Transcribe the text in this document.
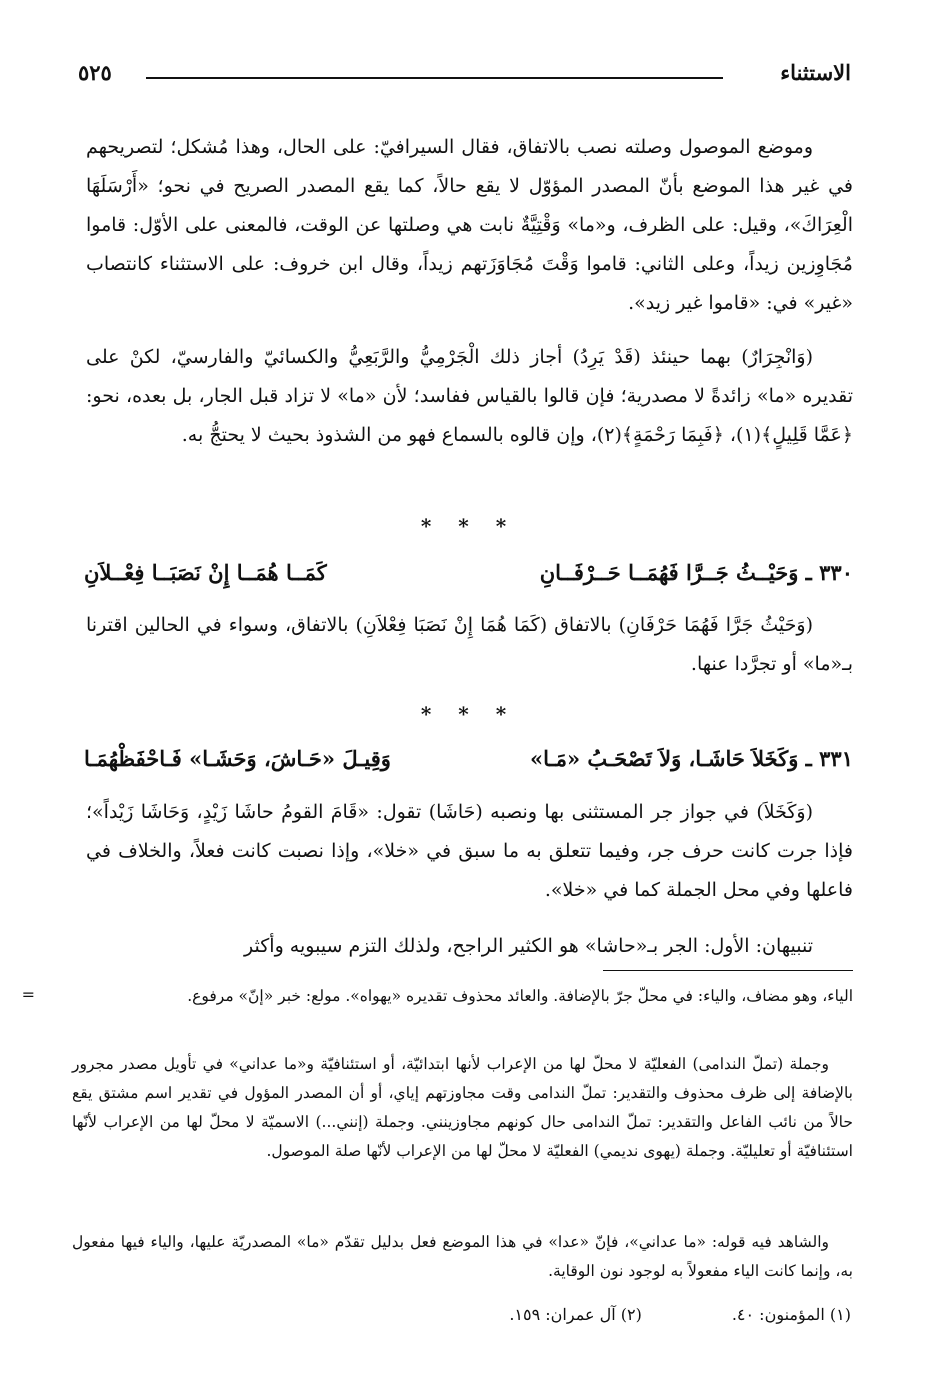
الاستثناء
٥٢٥
وموضع الموصول وصلته نصب بالاتفاق، فقال السيرافيّ: على الحال، وهذا مُشكل؛ لتصريحهم في غير هذا الموضع بأنّ المصدر المؤوّل لا يقع حالاً، كما يقع المصدر الصريح في نحو؛ «أَرْسَلَهَا الْعِرَاكَ»، وقيل: على الظرف، و«ما» وَقْتِيَّةٌ نابت هي وصلتها عن الوقت، فالمعنى على الأوّل: قاموا مُجَاوِزين زيداً، وعلى الثاني: قاموا وَقْتَ مُجَاوَزَتهم زيداً، وقال ابن خروف: على الاستثناء كانتصاب «غير» في: «قاموا غير زيد».
(وَانْجِرَارٌ) بهما حينئذ (قَدْ يَرِدُ) أجاز ذلك الْجَرْمِيُّ والرَّبَعِيُّ والكسائيّ والفارسيّ، لكنْ على تقديره «ما» زائدةً لا مصدرية؛ فإن قالوا بالقياس ففاسد؛ لأن «ما» لا تزاد قبل الجار، بل بعده، نحو: ﴿عَمَّا قَلِيلٍ﴾(١)، ﴿فَبِمَا رَحْمَةٍ﴾(٢)، وإن قالوه بالسماع فهو من الشذوذ بحيث لا يحتجُّ به.
* * *
٣٣٠ ـ وَحَيْــثُ جَــرَّا فَهُمَــا حَــرْفَــانِ
كَمَــا هُمَــا إِنْ نَصَبَــا فِعْــلاَنِ
(وَحَيْثُ جَرَّا فَهُمَا حَرْفَانِ) بالاتفاق (كَمَا هُمَا إِنْ نَصَبَا فِعْلاَنِ) بالاتفاق، وسواء في الحالين اقترنا بـ«ما» أو تجرَّدا عنها.
* * *
٣٣١ ـ وَكَخَلاَ حَاشَـا، وَلاَ تَصْحَـبُ «مَـا»
وَقِيـلَ «حَـاشَ، وَحَشَـا» فَـاحْفَظْهُمَـا
(وَكَخَلاَ) في جواز جر المستثنى بها ونصبه (حَاشَا) تقول: «قَامَ القومُ حاشَا زَيْدٍ، وَحَاشَا زَيْداً»؛ فإذا جرت كانت حرف جر، وفيما تتعلق به ما سبق في «خلا»، وإذا نصبت كانت فعلاً، والخلاف في فاعلها وفي محل الجملة كما في «خلا».
تنبيهان: الأول: الجر بـ«حاشا» هو الكثير الراجح، ولذلك التزم سيبويه وأكثر
=	الياء، وهو مضاف، والياء: في محلّ جرّ بالإضافة. والعائد محذوف تقديره «يهواه». مولع: خبر «إنّ» مرفوع.
وجملة (تملّ الندامى) الفعليّة لا محلّ لها من الإعراب لأنها ابتدائيّة، أو استئنافيّة و«ما عداني» في تأويل مصدر مجرور بالإضافة إلى ظرف محذوف والتقدير: تملّ الندامى وقت مجاوزتهم إياي، أو أن المصدر المؤول في تقدير اسم مشتق يقع حالاً من نائب الفاعل والتقدير: تملّ الندامى حال كونهم مجاوزينني. وجملة (إنني...) الاسميّة لا محلّ لها من الإعراب لأنّها استئنافيّة أو تعليليّة. وجملة (يهوى نديمي) الفعليّة لا محلّ لها من الإعراب لأنّها صلة الموصول.
والشاهد فيه قوله: «ما عداني»، فإنّ «عدا» في هذا الموضع فعل بدليل تقدّم «ما» المصدريّة عليها، والياء فيها مفعول به، وإنما كانت الياء مفعولاً به لوجود نون الوقاية.
(١) المؤمنون: ٤٠.
(٢) آل عمران: ١٥٩.
